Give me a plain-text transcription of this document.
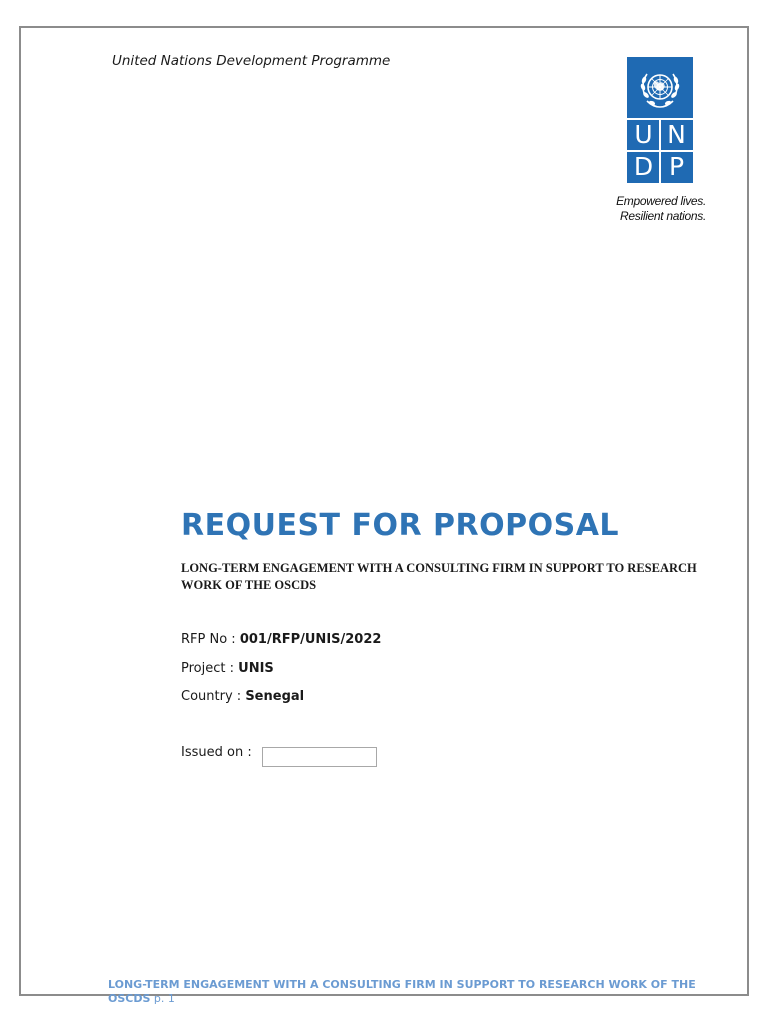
United Nations Development Programme
U N
D P
Empowered lives.
Resilient nations.
REQUEST FOR PROPOSAL
LONG-TERM ENGAGEMENT WITH A CONSULTING FIRM IN SUPPORT TO RESEARCH WORK OF THE OSCDS
RFP No : 001/RFP/UNIS/2022
Project : UNIS
Country : Senegal
Issued on :
LONG-TERM ENGAGEMENT WITH A CONSULTING FIRM IN SUPPORT TO RESEARCH WORK OF THE OSCDS p. 1
